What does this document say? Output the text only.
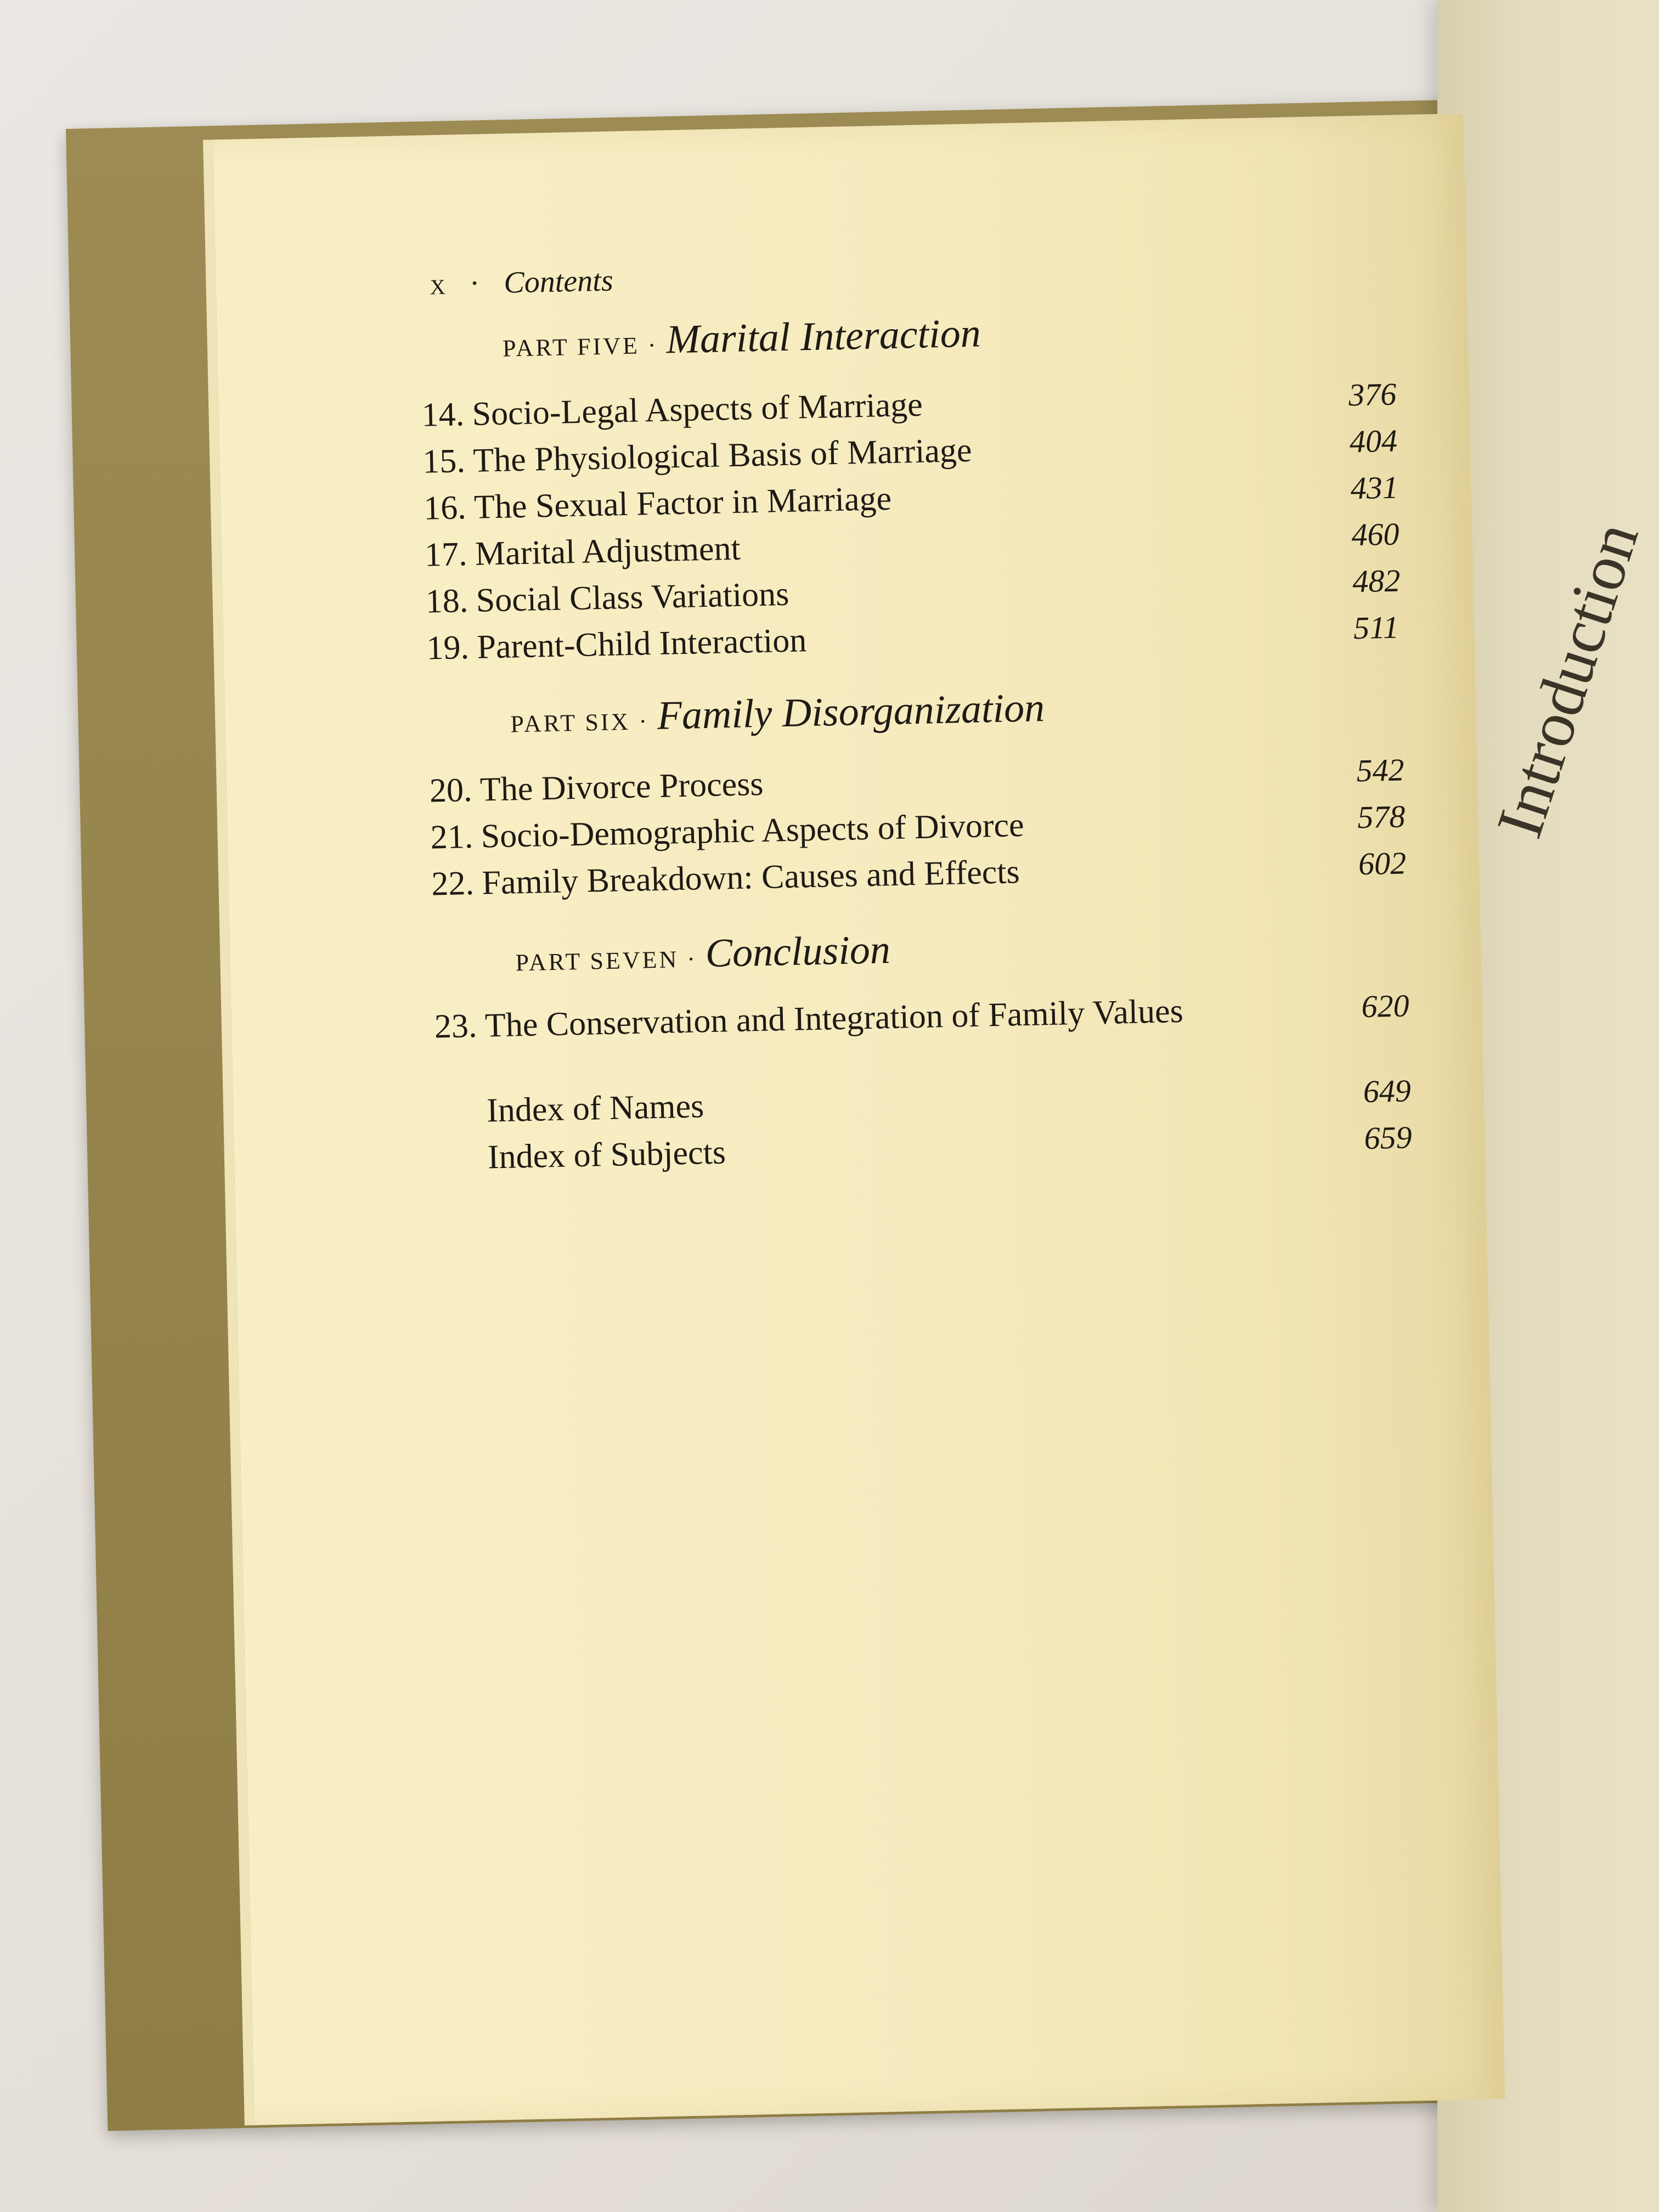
Introduction
x · Contents
PART FIVE · Marital Interaction
14. Socio-Legal Aspects of Marriage	376
15. The Physiological Basis of Marriage	404
16. The Sexual Factor in Marriage	431
17. Marital Adjustment	460
18. Social Class Variations	482
19. Parent-Child Interaction	511
PART SIX · Family Disorganization
20. The Divorce Process	542
21. Socio-Demographic Aspects of Divorce	578
22. Family Breakdown: Causes and Effects	602
PART SEVEN · Conclusion
23. The Conservation and Integration of Family Values	620
Index of Names	649
Index of Subjects	659
